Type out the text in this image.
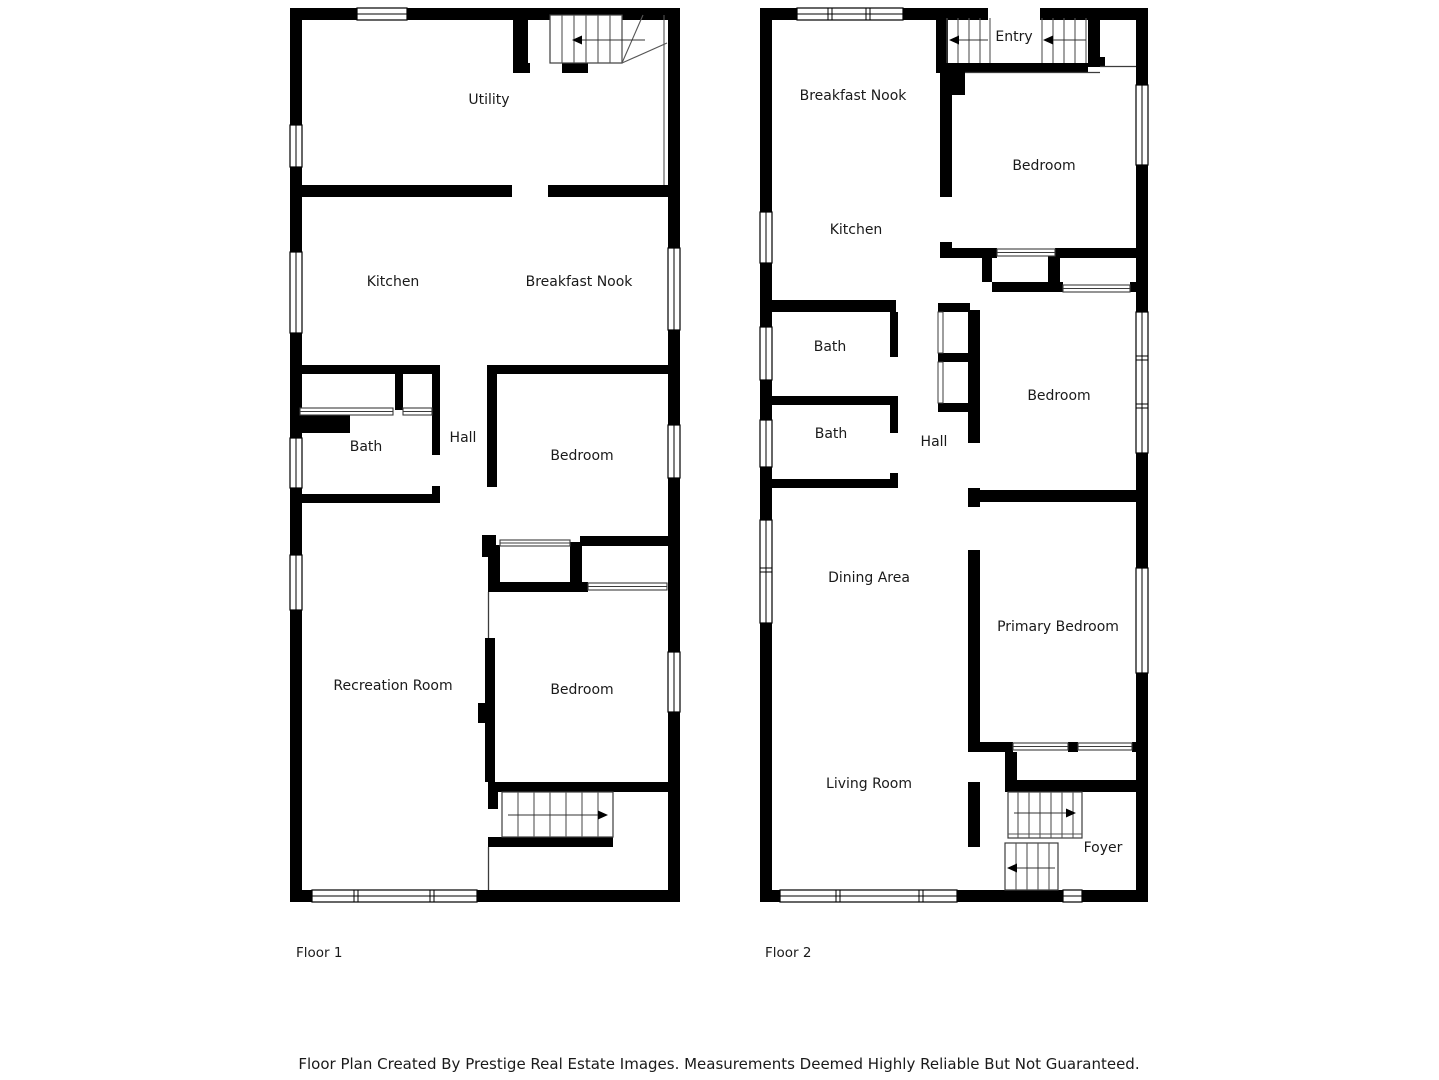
Utility
Kitchen	Breakfast Nook
Bath
Hall
Bedroom
Recreation Room	Bedroom
Entry
Breakfast Nook
Kitchen
Bedroom
Bath
Bath	Hall
Bedroom
Dining Area
Primary Bedroom
Living Room
Foyer
Floor 1	Floor 2
Floor Plan Created By Prestige Real Estate Images. Measurements Deemed Highly Reliable But Not Guaranteed.
